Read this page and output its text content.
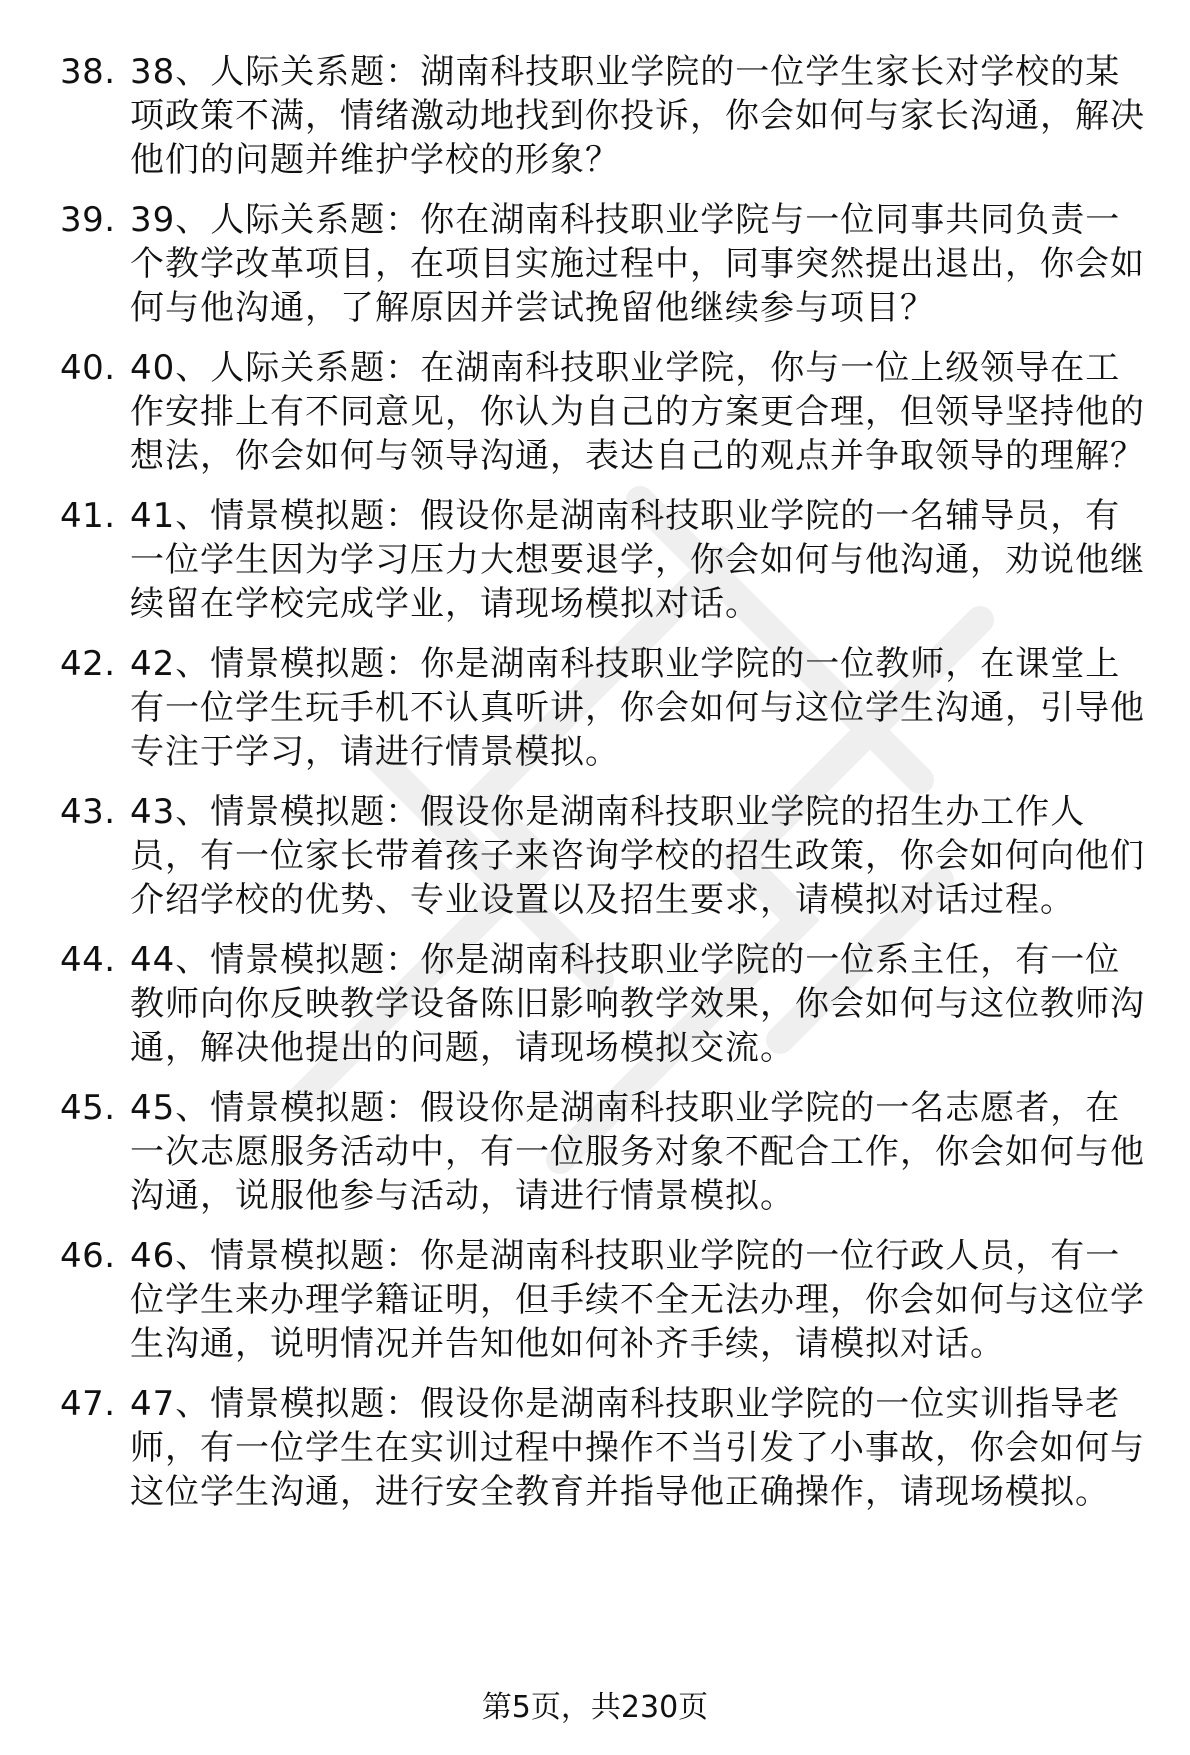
38. 38、人际关系题：湖南科技职业学院的一位学生家长对学校的某项政策不满，情绪激动地找到你投诉，你会如何与家长沟通，解决他们的问题并维护学校的形象？

39. 39、人际关系题：你在湖南科技职业学院与一位同事共同负责一个教学改革项目，在项目实施过程中，同事突然提出退出，你会如何与他沟通，了解原因并尝试挽留他继续参与项目？

40. 40、人际关系题：在湖南科技职业学院，你与一位上级领导在工作安排上有不同意见，你认为自己的方案更合理，但领导坚持他的想法，你会如何与领导沟通，表达自己的观点并争取领导的理解？

41. 41、情景模拟题：假设你是湖南科技职业学院的一名辅导员，有一位学生因为学习压力大想要退学，你会如何与他沟通，劝说他继续留在学校完成学业，请现场模拟对话。

42. 42、情景模拟题：你是湖南科技职业学院的一位教师，在课堂上有一位学生玩手机不认真听讲，你会如何与这位学生沟通，引导他专注于学习，请进行情景模拟。

43. 43、情景模拟题：假设你是湖南科技职业学院的招生办工作人员，有一位家长带着孩子来咨询学校的招生政策，你会如何向他们介绍学校的优势、专业设置以及招生要求，请模拟对话过程。

44. 44、情景模拟题：你是湖南科技职业学院的一位系主任，有一位教师向你反映教学设备陈旧影响教学效果，你会如何与这位教师沟通，解决他提出的问题，请现场模拟交流。

45. 45、情景模拟题：假设你是湖南科技职业学院的一名志愿者，在一次志愿服务活动中，有一位服务对象不配合工作，你会如何与他沟通，说服他参与活动，请进行情景模拟。

46. 46、情景模拟题：你是湖南科技职业学院的一位行政人员，有一位学生来办理学籍证明，但手续不全无法办理，你会如何与这位学生沟通，说明情况并告知他如何补齐手续，请模拟对话。

47. 47、情景模拟题：假设你是湖南科技职业学院的一位实训指导老师，有一位学生在实训过程中操作不当引发了小事故，你会如何与这位学生沟通，进行安全教育并指导他正确操作，请现场模拟。

第5页，共230页
